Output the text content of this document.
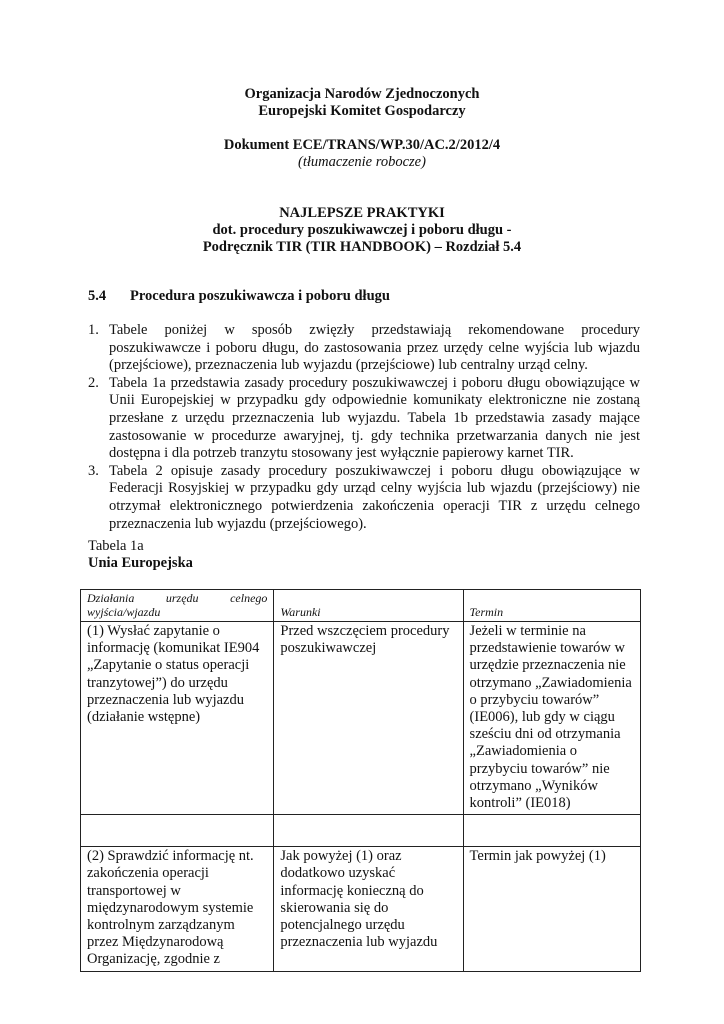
Organizacja Narodów Zjednoczonych
Europejski Komitet Gospodarczy
Dokument ECE/TRANS/WP.30/AC.2/2012/4
(tłumaczenie robocze)
NAJLEPSZE PRAKTYKI
dot. procedury poszukiwawczej i poboru długu -
Podręcznik TIR (TIR HANDBOOK) – Rozdział 5.4
5.4 Procedura poszukiwawcza i poboru długu
1. Tabele poniżej w sposób zwięzły przedstawiają rekomendowane procedury poszukiwawcze i poboru długu, do zastosowania przez urzędy celne wyjścia lub wjazdu (przejściowe), przeznaczenia lub wyjazdu (przejściowe) lub centralny urząd celny.
2. Tabela 1a przedstawia zasady procedury poszukiwawczej i poboru długu obowiązujące w Unii Europejskiej w przypadku gdy odpowiednie komunikaty elektroniczne nie zostaną przesłane z urzędu przeznaczenia lub wyjazdu. Tabela 1b przedstawia zasady mające zastosowanie w procedurze awaryjnej, tj. gdy technika przetwarzania danych nie jest dostępna i dla potrzeb tranzytu stosowany jest wyłącznie papierowy karnet TIR.
3. Tabela 2 opisuje zasady procedury poszukiwawczej i poboru długu obowiązujące w Federacji Rosyjskiej w przypadku gdy urząd celny wyjścia lub wjazdu (przejściowy) nie otrzymał elektronicznego potwierdzenia zakończenia operacji TIR z urzędu celnego przeznaczenia lub wyjazdu (przejściowego).
Tabela 1a
Unia Europejska
Działania urzędu celnego wyjścia/wjazdu	Warunki	Termin
(1) Wysłać zapytanie o informację (komunikat IE904 „Zapytanie o status operacji tranzytowej”) do urzędu przeznaczenia lub wyjazdu (działanie wstępne)	Przed wszczęciem procedury poszukiwawczej	Jeżeli w terminie na przedstawienie towarów w urzędzie przeznaczenia nie otrzymano „Zawiadomienia o przybyciu towarów” (IE006), lub gdy w ciągu sześciu dni od otrzymania „Zawiadomienia o przybyciu towarów” nie otrzymano „Wyników kontroli” (IE018)

(2) Sprawdzić informację nt. zakończenia operacji transportowej w międzynarodowym systemie kontrolnym zarządzanym przez Międzynarodową Organizację, zgodnie z	Jak powyżej (1) oraz dodatkowo uzyskać informację konieczną do skierowania się do potencjalnego urzędu przeznaczenia lub wyjazdu	Termin jak powyżej (1)
